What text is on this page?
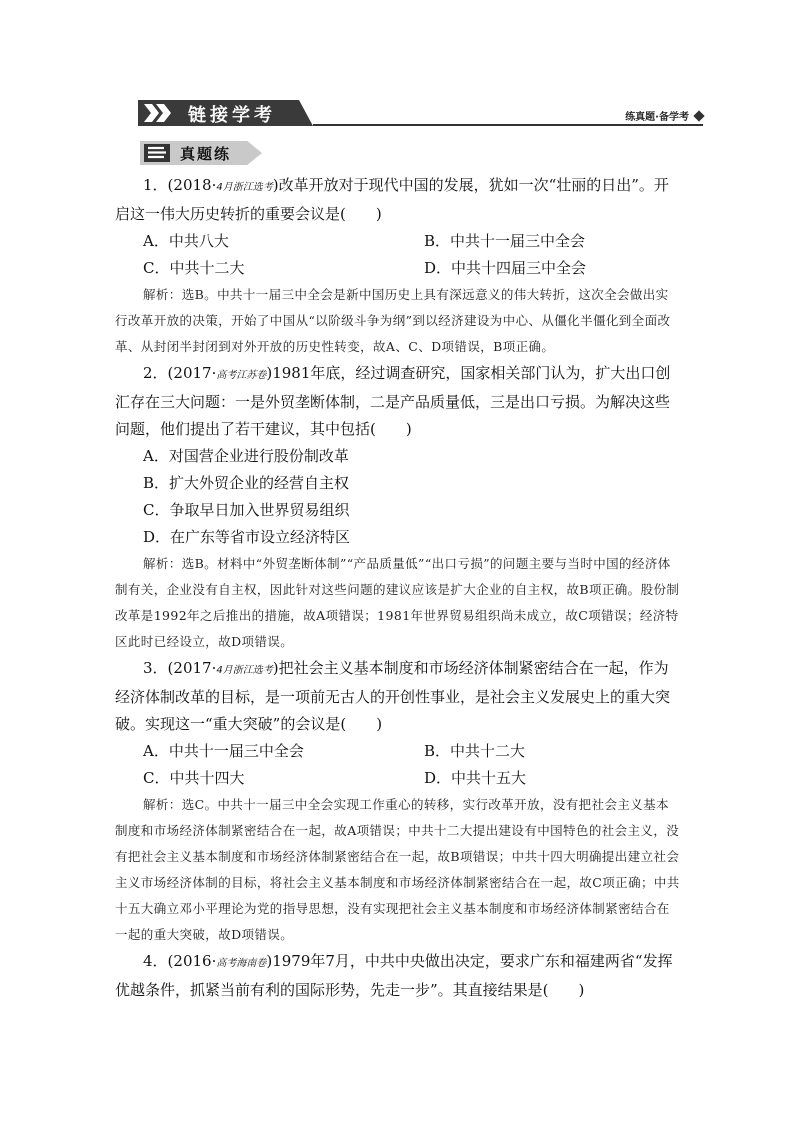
链接学考	练真题·备学考
真题练

1．(2018·4月浙江选考)改革开放对于现代中国的发展，犹如一次“壮丽的日出”。开启这一伟大历史转折的重要会议是(　　)

A．中共八大	B．中共十一届三中全会
C．中共十二大	D．中共十四届三中全会

解析：选B。中共十一届三中全会是新中国历史上具有深远意义的伟大转折，这次全会做出实行改革开放的决策，开始了中国从“以阶级斗争为纲”到以经济建设为中心、从僵化半僵化到全面改革、从封闭半封闭到对外开放的历史性转变，故A、C、D项错误，B项正确。

2．(2017·高考江苏卷)1981年底，经过调查研究，国家相关部门认为，扩大出口创汇存在三大问题：一是外贸垄断体制，二是产品质量低，三是出口亏损。为解决这些问题，他们提出了若干建议，其中包括(　　)

A．对国营企业进行股份制改革
B．扩大外贸企业的经营自主权
C．争取早日加入世界贸易组织
D．在广东等省市设立经济特区

解析：选B。材料中“外贸垄断体制”“产品质量低”“出口亏损”的问题主要与当时中国的经济体制有关，企业没有自主权，因此针对这些问题的建议应该是扩大企业的自主权，故B项正确。股份制改革是1992年之后推出的措施，故A项错误；1981年世界贸易组织尚未成立，故C项错误；经济特区此时已经设立，故D项错误。

3．(2017·4月浙江选考)把社会主义基本制度和市场经济体制紧密结合在一起，作为经济体制改革的目标，是一项前无古人的开创性事业，是社会主义发展史上的重大突破。实现这一“重大突破”的会议是(　　)

A．中共十一届三中全会	B．中共十二大
C．中共十四大	D．中共十五大

解析：选C。中共十一届三中全会实现工作重心的转移，实行改革开放，没有把社会主义基本制度和市场经济体制紧密结合在一起，故A项错误；中共十二大提出建设有中国特色的社会主义，没有把社会主义基本制度和市场经济体制紧密结合在一起，故B项错误；中共十四大明确提出建立社会主义市场经济体制的目标，将社会主义基本制度和市场经济体制紧密结合在一起，故C项正确；中共十五大确立邓小平理论为党的指导思想，没有实现把社会主义基本制度和市场经济体制紧密结合在一起的重大突破，故D项错误。

4．(2016·高考海南卷)1979年7月，中共中央做出决定，要求广东和福建两省“发挥优越条件，抓紧当前有利的国际形势，先走一步”。其直接结果是(　　)
